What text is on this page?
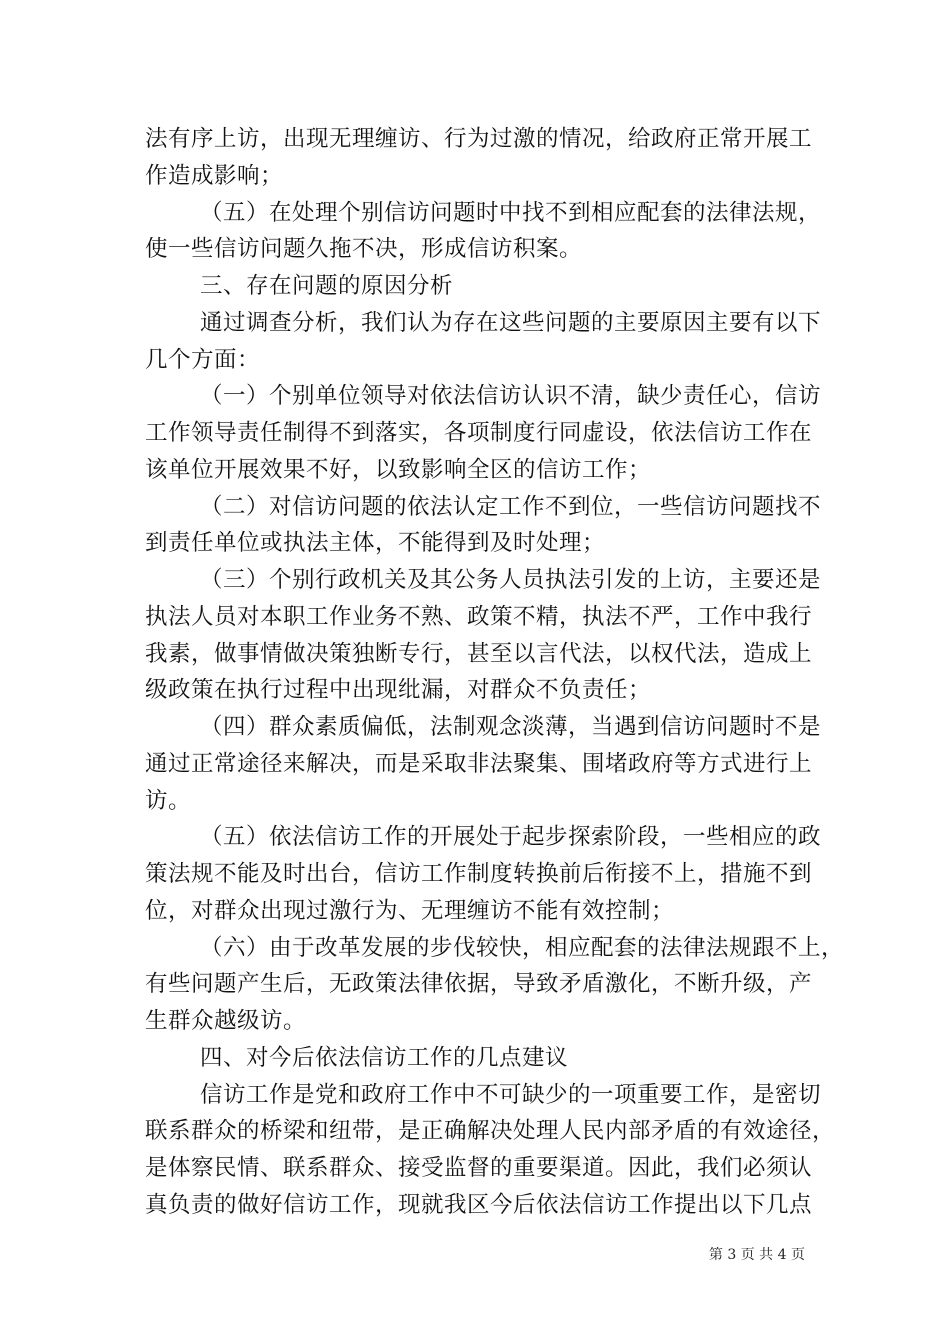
法有序上访，出现无理缠访、行为过激的情况，给政府正常开展工
作造成影响；
（五）在处理个别信访问题时中找不到相应配套的法律法规，
使一些信访问题久拖不决，形成信访积案。
三、存在问题的原因分析
通过调查分析，我们认为存在这些问题的主要原因主要有以下
几个方面：
（一）个别单位领导对依法信访认识不清，缺少责任心，信访
工作领导责任制得不到落实，各项制度行同虚设，依法信访工作在
该单位开展效果不好，以致影响全区的信访工作；
（二）对信访问题的依法认定工作不到位，一些信访问题找不
到责任单位或执法主体，不能得到及时处理；
（三）个别行政机关及其公务人员执法引发的上访，主要还是
执法人员对本职工作业务不熟、政策不精，执法不严，工作中我行
我素，做事情做决策独断专行，甚至以言代法，以权代法，造成上
级政策在执行过程中出现纰漏，对群众不负责任；
（四）群众素质偏低，法制观念淡薄，当遇到信访问题时不是
通过正常途径来解决，而是采取非法聚集、围堵政府等方式进行上
访。
（五）依法信访工作的开展处于起步探索阶段，一些相应的政
策法规不能及时出台，信访工作制度转换前后衔接不上，措施不到
位，对群众出现过激行为、无理缠访不能有效控制；
（六）由于改革发展的步伐较快，相应配套的法律法规跟不上，
有些问题产生后，无政策法律依据，导致矛盾激化，不断升级，产
生群众越级访。
四、对今后依法信访工作的几点建议
信访工作是党和政府工作中不可缺少的一项重要工作，是密切
联系群众的桥梁和纽带，是正确解决处理人民内部矛盾的有效途径，
是体察民情、联系群众、接受监督的重要渠道。因此，我们必须认
真负责的做好信访工作，现就我区今后依法信访工作提出以下几点
第 3 页 共 4 页
